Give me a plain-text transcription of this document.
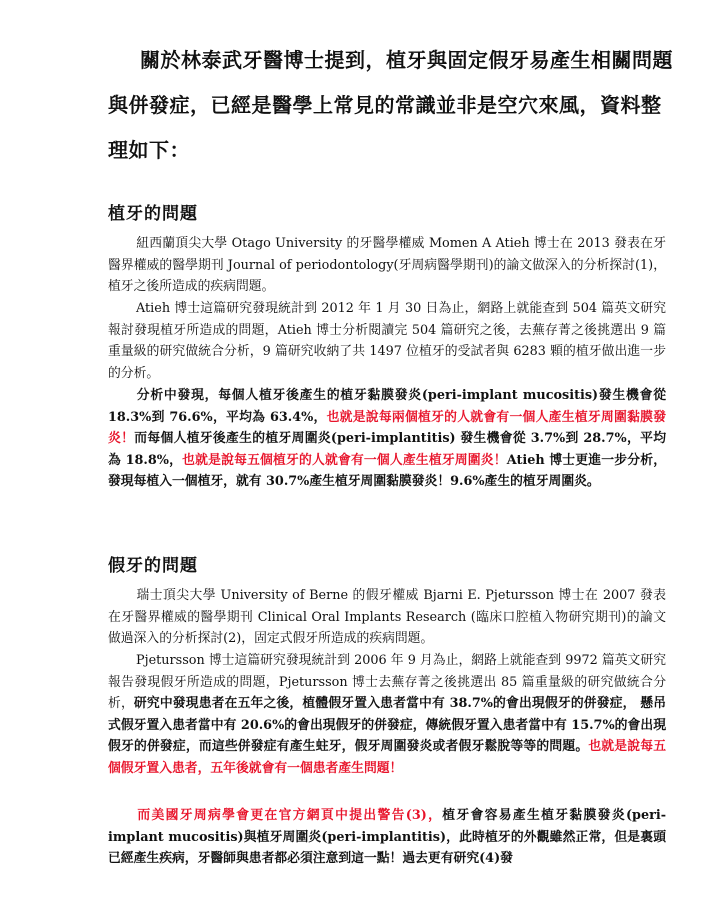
關於林泰武牙醫博士提到，植牙與固定假牙易產生相關問題與併發症，已經是醫學上常見的常識並非是空穴來風，資料整理如下：
植牙的問題
紐西蘭頂尖大學 Otago University 的牙醫學權威 Momen A Atieh 博士在 2013 發表在牙醫界權威的醫學期刊 Journal of periodontology(牙周病醫學期刊)的論文做深入的分析探討(1)，植牙之後所造成的疾病問題。
Atieh 博士這篇研究發現統計到 2012 年 1 月 30 日為止，網路上就能查到 504 篇英文研究報討發現植牙所造成的問題，Atieh 博士分析閱讀完 504 篇研究之後，去蕪存菁之後挑選出 9 篇重量級的研究做統合分析，9 篇研究收納了共 1497 位植牙的受試者與 6283 顆的植牙做出進一步的分析。
分析中發現，每個人植牙後產生的植牙黏膜發炎(peri-implant mucositis)發生機會從 18.3%到 76.6%，平均為 63.4%，也就是說每兩個植牙的人就會有一個人產生植牙周圍黏膜發炎！而每個人植牙後產生的植牙周圍炎(peri-implantitis) 發生機會從 3.7%到 28.7%，平均為 18.8%，也就是說每五個植牙的人就會有一個人產生植牙周圍炎！Atieh 博士更進一步分析，發現每植入一個植牙，就有 30.7%產生植牙周圍黏膜發炎！9.6%產生的植牙周圍炎。
假牙的問題
瑞士頂尖大學 University of Berne 的假牙權威 Bjarni E. Pjetursson 博士在 2007 發表在牙醫界權威的醫學期刊 Clinical Oral Implants Research (臨床口腔植入物研究期刊)的論文做過深入的分析探討(2)，固定式假牙所造成的疾病問題。
Pjetursson 博士這篇研究發現統計到 2006 年 9 月為止，網路上就能查到 9972 篇英文研究報告發現假牙所造成的問題，Pjetursson 博士去蕪存菁之後挑選出 85 篇重量級的研究做統合分析，研究中發現患者在五年之後，植體假牙置入患者當中有 38.7%的會出現假牙的併發症， 懸吊式假牙置入患者當中有 20.6%的會出現假牙的併發症，傳統假牙置入患者當中有 15.7%的會出現假牙的併發症，而這些併發症有產生蛀牙，假牙周圍發炎或者假牙鬆脫等等的問題。也就是說每五個假牙置入患者，五年後就會有一個患者產生問題！
而美國牙周病學會更在官方網頁中提出警告(3)，植牙會容易產生植牙黏膜發炎(peri-implant mucositis)與植牙周圍炎(peri-implantitis)，此時植牙的外觀雖然正常，但是裏頭已經產生疾病，牙醫師與患者都必須注意到這一點！過去更有研究(4)發
